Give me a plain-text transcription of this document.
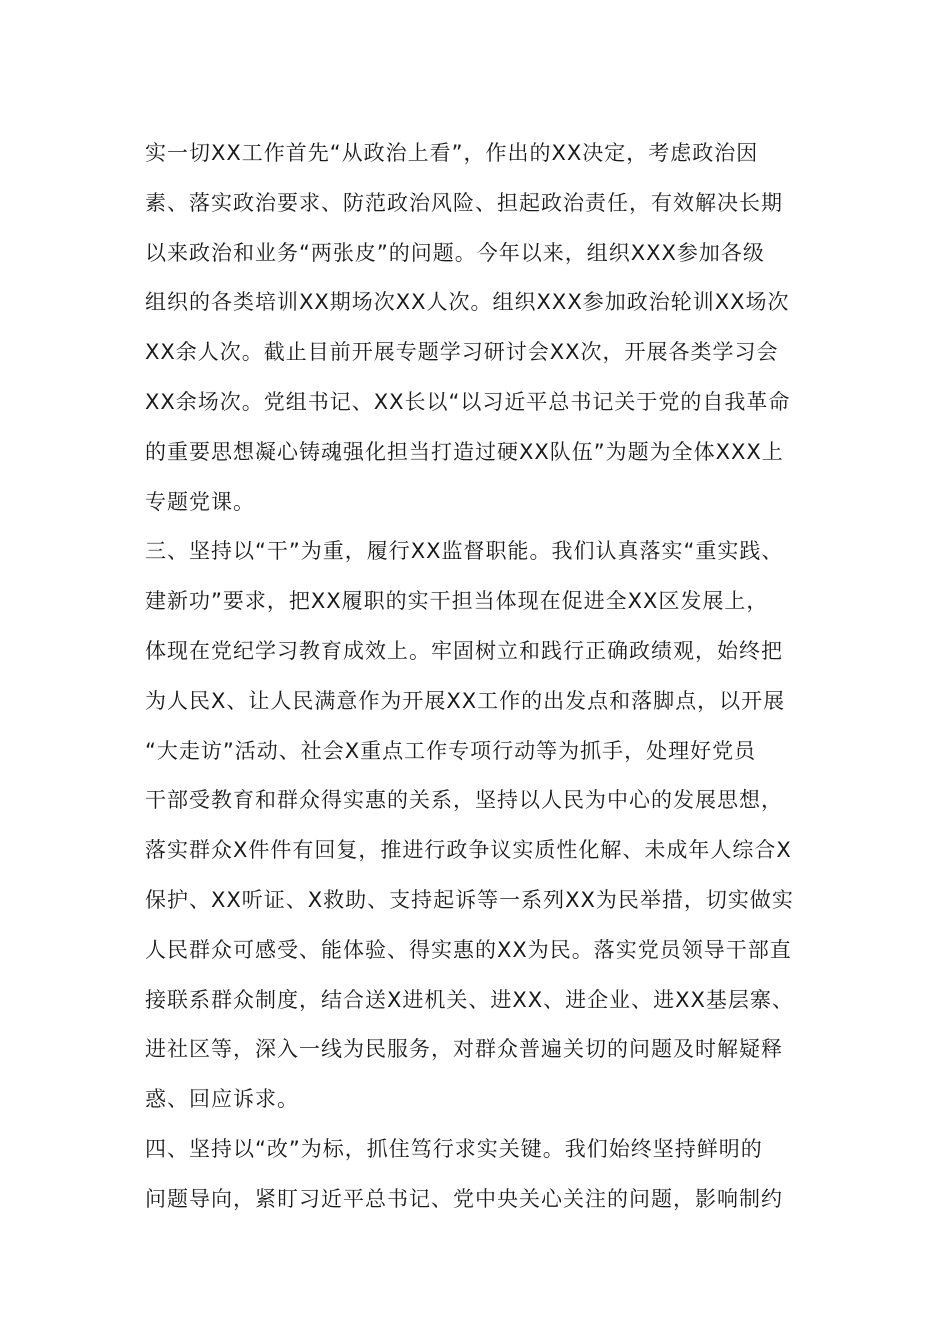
实一切XX工作首先“从政治上看”，作出的XX决定，考虑政治因
素、落实政治要求、防范政治风险、担起政治责任，有效解决长期
以来政治和业务“两张皮”的问题。今年以来，组织XXX参加各级
组织的各类培训XX期场次XX人次。组织XXX参加政治轮训XX场次
XX余人次。截止目前开展专题学习研讨会XX次，开展各类学习会
XX余场次。党组书记、XX长以“以习近平总书记关于党的自我革命
的重要思想凝心铸魂强化担当打造过硬XX队伍”为题为全体XXX上
专题党课。
三、坚持以“干”为重，履行XX监督职能。我们认真落实“重实践、
建新功”要求，把XX履职的实干担当体现在促进全XX区发展上，
体现在党纪学习教育成效上。牢固树立和践行正确政绩观，始终把
为人民X、让人民满意作为开展XX工作的出发点和落脚点，以开展
“大走访”活动、社会X重点工作专项行动等为抓手，处理好党员
干部受教育和群众得实惠的关系，坚持以人民为中心的发展思想，
落实群众X件件有回复，推进行政争议实质性化解、未成年人综合X
保护、XX听证、X救助、支持起诉等一系列XX为民举措，切实做实
人民群众可感受、能体验、得实惠的XX为民。落实党员领导干部直
接联系群众制度，结合送X进机关、进XX、进企业、进XX基层寨、
进社区等，深入一线为民服务，对群众普遍关切的问题及时解疑释
惑、回应诉求。
四、坚持以“改”为标，抓住笃行求实关键。我们始终坚持鲜明的
问题导向，紧盯习近平总书记、党中央关心关注的问题，影响制约
